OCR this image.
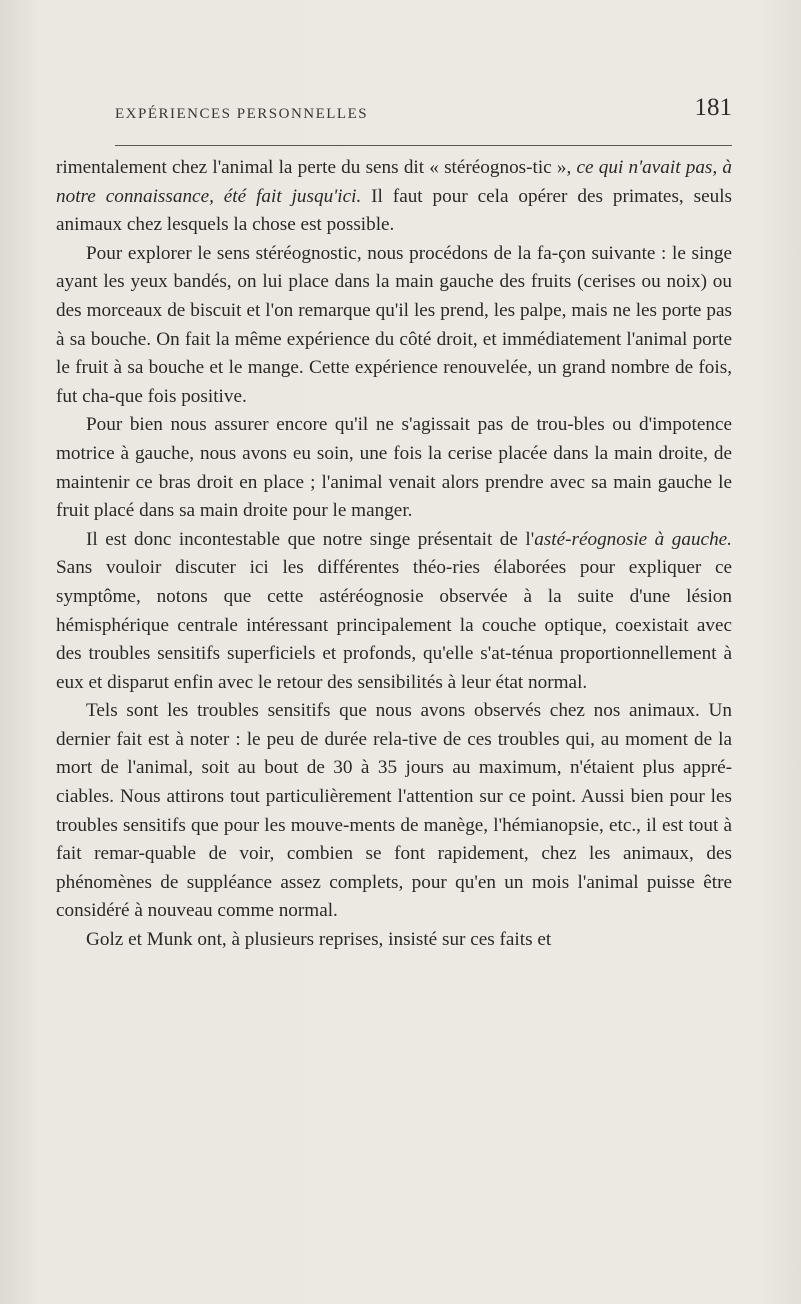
EXPÉRIENCES PERSONNELLES	181

rimentalement chez l'animal la perte du sens dit « stéréognos-tic », ce qui n'avait pas, à notre connaissance, été fait jusqu'ici. Il faut pour cela opérer des primates, seuls animaux chez lesquels la chose est possible.

Pour explorer le sens stéréognostic, nous procédons de la fa-çon suivante : le singe ayant les yeux bandés, on lui place dans la main gauche des fruits (cerises ou noix) ou des morceaux de biscuit et l'on remarque qu'il les prend, les palpe, mais ne les porte pas à sa bouche. On fait la même expérience du côté droit, et immédiatement l'animal porte le fruit à sa bouche et le mange. Cette expérience renouvelée, un grand nombre de fois, fut cha-que fois positive.

Pour bien nous assurer encore qu'il ne s'agissait pas de trou-bles ou d'impotence motrice à gauche, nous avons eu soin, une fois la cerise placée dans la main droite, de maintenir ce bras droit en place ; l'animal venait alors prendre avec sa main gauche le fruit placé dans sa main droite pour le manger.

Il est donc incontestable que notre singe présentait de l'asté-réognosie à gauche. Sans vouloir discuter ici les différentes théo-ries élaborées pour expliquer ce symptôme, notons que cette astéréognosie observée à la suite d'une lésion hémisphérique centrale intéressant principalement la couche optique, coexistait avec des troubles sensitifs superficiels et profonds, qu'elle s'at-ténua proportionnellement à eux et disparut enfin avec le retour des sensibilités à leur état normal.

Tels sont les troubles sensitifs que nous avons observés chez nos animaux. Un dernier fait est à noter : le peu de durée rela-tive de ces troubles qui, au moment de la mort de l'animal, soit au bout de 30 à 35 jours au maximum, n'étaient plus appré-ciables. Nous attirons tout particulièrement l'attention sur ce point. Aussi bien pour les troubles sensitifs que pour les mouve-ments de manège, l'hémianopsie, etc., il est tout à fait remar-quable de voir, combien se font rapidement, chez les animaux, des phénomènes de suppléance assez complets, pour qu'en un mois l'animal puisse être considéré à nouveau comme normal.

Golz et Munk ont, à plusieurs reprises, insisté sur ces faits et
